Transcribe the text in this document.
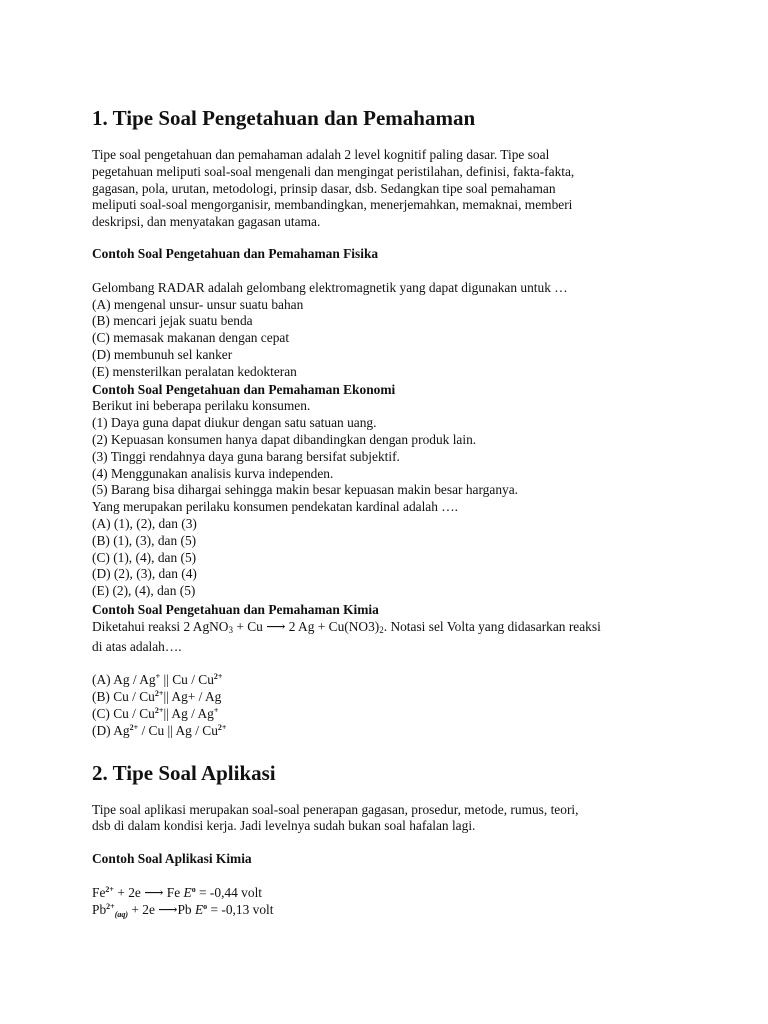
1. Tipe Soal Pengetahuan dan Pemahaman
Tipe soal pengetahuan dan pemahaman adalah 2 level kognitif paling dasar. Tipe soal
pegetahuan meliputi soal-soal mengenali dan mengingat peristilahan, definisi, fakta-fakta,
gagasan, pola, urutan, metodologi, prinsip dasar, dsb. Sedangkan tipe soal pemahaman
meliputi soal-soal mengorganisir, membandingkan, menerjemahkan, memaknai, memberi
deskripsi, dan menyatakan gagasan utama.
Contoh Soal Pengetahuan dan Pemahaman Fisika
Gelombang RADAR adalah gelombang elektromagnetik yang dapat digunakan untuk …
(A) mengenal unsur- unsur suatu bahan
(B) mencari jejak suatu benda
(C) memasak makanan dengan cepat
(D) membunuh sel kanker
(E) mensterilkan peralatan kedokteran
Contoh Soal Pengetahuan dan Pemahaman Ekonomi
Berikut ini beberapa perilaku konsumen.
(1) Daya guna dapat diukur dengan satu satuan uang.
(2) Kepuasan konsumen hanya dapat dibandingkan dengan produk lain.
(3) Tinggi rendahnya daya guna barang bersifat subjektif.
(4) Menggunakan analisis kurva independen.
(5) Barang bisa dihargai sehingga makin besar kepuasan makin besar harganya.
Yang merupakan perilaku konsumen pendekatan kardinal adalah ….
(A) (1), (2), dan (3)
(B) (1), (3), dan (5)
(C) (1), (4), dan (5)
(D) (2), (3), dan (4)
(E) (2), (4), dan (5)
Contoh Soal Pengetahuan dan Pemahaman Kimia
Diketahui reaksi 2 AgNO3 + Cu ⟶ 2 Ag + Cu(NO3)2. Notasi sel Volta yang didasarkan reaksi
di atas adalah….
(A) Ag / Ag+ || Cu / $Cu^{2+}$
(B) Cu / $Cu^{2+}||$ Ag+ / Ag
(C) Cu / $Cu^{2+}||$ Ag / Ag+
(D) $Ag^{2+}$ / Cu || Ag / $Cu^{2+}$
2. Tipe Soal Aplikasi
Tipe soal aplikasi merupakan soal-soal penerapan gagasan, prosedur, metode, rumus, teori,
dsb di dalam kondisi kerja. Jadi levelnya sudah bukan soal hafalan lagi.
Contoh Soal Aplikasi Kimia
$Fe^{2+} + 2e$ ⟶ Fe $E^o = -0,44$ volt
$Pb^{2+}_{(aq)} + 2e$ ⟶Pb $E^o = -0,13$ volt
